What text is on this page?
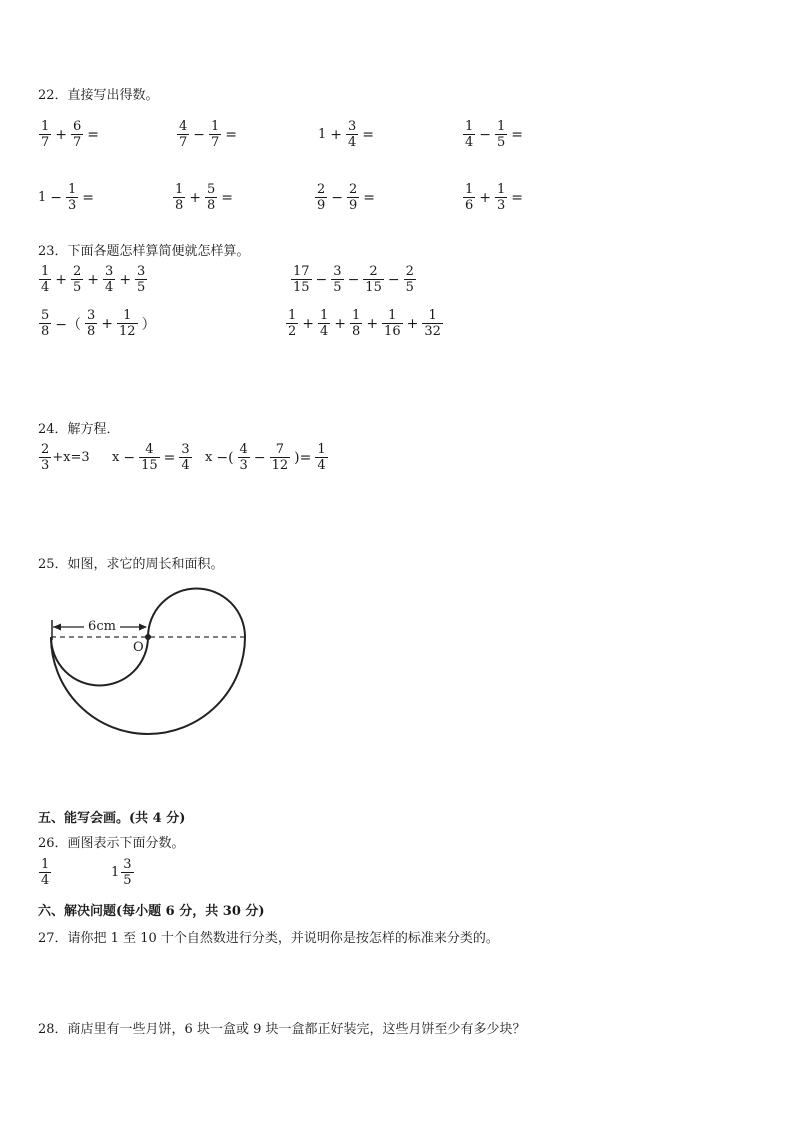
22．直接写出得数。
$\frac{1}{7} + \frac{6}{7}$ =	$\frac{4}{7} - \frac{1}{7}$ =	$1 + \frac{3}{4}$ =	$\frac{1}{4} - \frac{1}{5}$ =
$1 - \frac{1}{3}$ =	$\frac{1}{8} + \frac{5}{8}$ =	$\frac{2}{9} - \frac{2}{9}$ =	$\frac{1}{6} + \frac{1}{3}$ =
23．下面各题怎样算简便就怎样算。
$\frac{1}{4} + \frac{2}{5} + \frac{3}{4} + \frac{3}{5}$	$\frac{17}{15} - \frac{3}{5} - \frac{2}{15} - \frac{2}{5}$
$\frac{5}{8}$ −（ $\frac{3}{8} + \frac{1}{12}$ ）	$\frac{1}{2} + \frac{1}{4} + \frac{1}{8} + \frac{1}{16} + \frac{1}{32}$
24．解方程．
$\frac{2}{3} +x=3$ $x - \frac{4}{15} = \frac{3}{4}$ x −( $\frac{4}{3} - \frac{7}{12}$ )= $\frac{1}{4}$
25．如图，求它的周长和面积。
6cm
O
五、能写会画。(共 4 分)
26．画图表示下面分数。
$\frac{1}{4}$	$1 \frac{3}{5}$
六、解决问题(每小题 6 分，共 30 分)
27．请你把 1 至 10 十个自然数进行分类，并说明你是按怎样的标准来分类的。
28．商店里有一些月饼，6 块一盒或 9 块一盒都正好装完，这些月饼至少有多少块？
